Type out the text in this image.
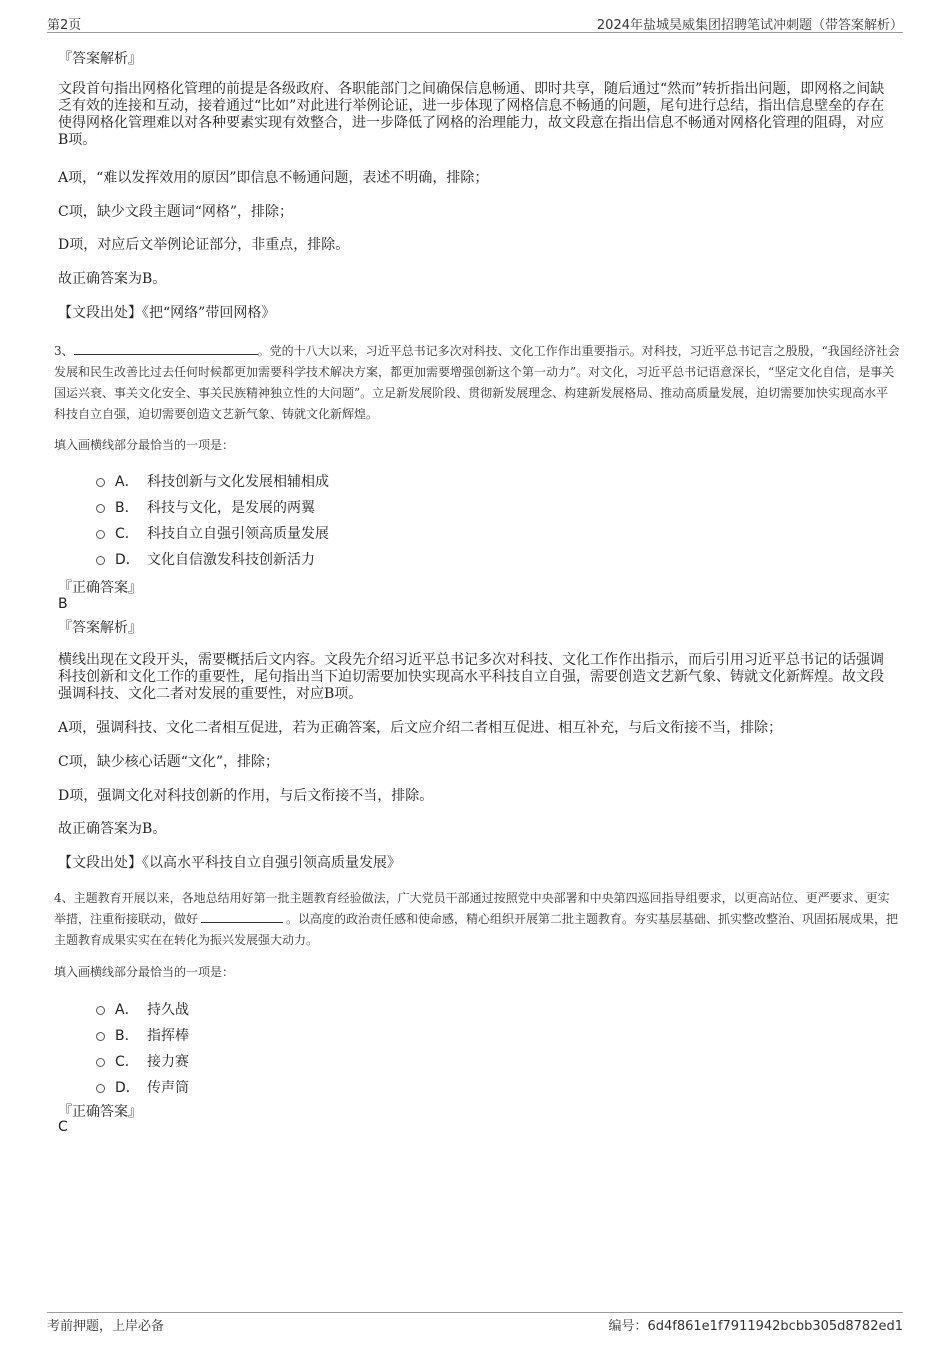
第2页	2024年盐城昊威集团招聘笔试冲刺题（带答案解析）
『答案解析』
文段首句指出网格化管理的前提是各级政府、各职能部门之间确保信息畅通、即时共享，随后通过“然而”转折指出问题，即网格之间缺乏有效的连接和互动，接着通过“比如”对此进行举例论证，进一步体现了网格信息不畅通的问题，尾句进行总结，指出信息壁垒的存在使得网格化管理难以对各种要素实现有效整合，进一步降低了网格的治理能力，故文段意在指出信息不畅通对网格化管理的阻碍，对应B项。
A项，“难以发挥效用的原因”即信息不畅通问题，表述不明确，排除；
C项，缺少文段主题词“网格”，排除；
D项，对应后文举例论证部分，非重点，排除。
故正确答案为B。
【文段出处】《把“网络”带回网格》
3、	。党的十八大以来，习近平总书记多次对科技、文化工作作出重要指示。对科技，习近平总书记言之殷殷，“我国经济社会发展和民生改善比过去任何时候都更加需要科学技术解决方案，都更加需要增强创新这个第一动力”。对文化，习近平总书记语意深长，“坚定文化自信，是事关国运兴衰、事关文化安全、事关民族精神独立性的大问题”。立足新发展阶段、贯彻新发展理念、构建新发展格局、推动高质量发展，迫切需要加快实现高水平科技自立自强，迫切需要创造文艺新气象、铸就文化新辉煌。
填入画横线部分最恰当的一项是：
A． 科技创新与文化发展相辅相成
B． 科技与文化，是发展的两翼
C． 科技自立自强引领高质量发展
D． 文化自信激发科技创新活力
『正确答案』
B
『答案解析』
横线出现在文段开头，需要概括后文内容。文段先介绍习近平总书记多次对科技、文化工作作出指示，而后引用习近平总书记的话强调科技创新和文化工作的重要性，尾句指出当下迫切需要加快实现高水平科技自立自强，需要创造文艺新气象、铸就文化新辉煌。故文段强调科技、文化二者对发展的重要性，对应B项。
A项，强调科技、文化二者相互促进，若为正确答案，后文应介绍二者相互促进、相互补充，与后文衔接不当，排除；
C项，缺少核心话题“文化”，排除；
D项，强调文化对科技创新的作用，与后文衔接不当，排除。
故正确答案为B。
【文段出处】《以高水平科技自立自强引领高质量发展》
4、主题教育开展以来，各地总结用好第一批主题教育经验做法，广大党员干部通过按照党中央部署和中央第四巡回指导组要求，以更高站位、更严要求、更实举措，注重衔接联动，做好	。以高度的政治责任感和使命感，精心组织开展第二批主题教育。夯实基层基础、抓实整改整治、巩固拓展成果，把主题教育成果实实在在转化为振兴发展强大动力。
填入画横线部分最恰当的一项是：
A． 持久战
B． 指挥棒
C． 接力赛
D． 传声筒
『正确答案』
C
考前押题，上岸必备	编号：6d4f861e1f7911942bcbb305d8782ed1
